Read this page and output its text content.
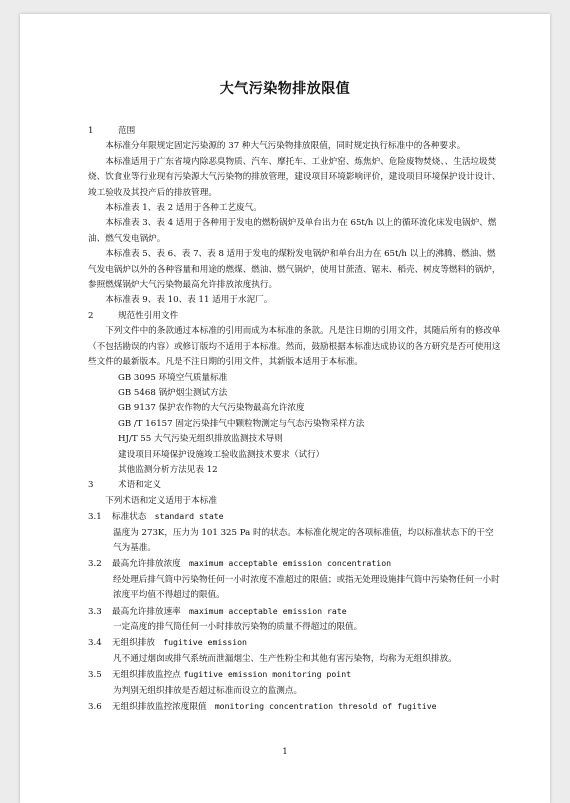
大气污染物排放限值

1	范围

本标准分年限规定固定污染源的 37 种大气污染物排放限值，同时规定执行标准中的各种要求。

本标准适用于广东省境内除恶臭物质、汽车、摩托车、工业炉窑、炼焦炉、危险废物焚烧、、生活垃圾焚烧、饮食业等行业现有污染源大气污染物的排放管理，建设项目环境影响评价，建设项目环境保护设计设计、竣工验收及其投产后的排放管理。

本标准表 1、表 2 适用于各种工艺废气。

本标准表 3、表 4 适用于各种用于发电的燃粉锅炉及单台出力在 65t/h 以上的循环流化床发电锅炉、燃油、燃气发电锅炉。

本标准表 5、表 6、表 7、表 8 适用于发电的煤粉发电锅炉和单台出力在 65t/h 以上的沸腾、燃油、燃气发电锅炉以外的各种容量和用途的燃煤、燃油、燃气锅炉，使用甘蔗渣、锯末、稻壳、树皮等燃料的锅炉，参照燃煤锅炉大气污染物最高允许排放浓度执行。

本标准表 9、表 10、表 11 适用于水泥厂。

2	规范性引用文件

下列文件中的条款通过本标准的引用而成为本标准的条款。凡是注日期的引用文件，其随后所有的修改单（不包括勘误的内容）或修订版均不适用于本标准。然而，鼓励根据本标准达成协议的各方研究是否可使用这些文件的最新版本。凡是不注日期的引用文件，其新版本适用于本标准。

GB 3095 环境空气质量标准

GB 5468 锅炉烟尘测试方法

GB 9137 保护农作物的大气污染物最高允许浓度

GB /T 16157 固定污染排气中颗粒物测定与气态污染物采样方法

HJ/T 55 大气污染无组织排放监测技术导则

建设项目环境保护设施竣工验收监测技术要求（试行）

其他监测分析方法见表 12

3	术语和定义

下列术语和定义适用于本标准

3.1 标准状态 standard state

温度为 273K，压力为 101 325 Pa 时的状态。本标准化规定的各项标准值，均以标准状态下的干空气为基准。

3.2 最高允许排放浓度 maximum acceptable emission concentration

经处理后排气筒中污染物任何一小时浓度不准超过的限值；或指无处理设施排气筒中污染物任何一小时浓度平均值不得超过的限值。

3.3 最高允许排放速率 maximum acceptable emission rate

一定高度的排气筒任何一小时排放污染物的质量不得超过的限值。

3.4 无组织排放 fugitive emission

凡不通过烟囱或排气系统而泄漏烟尘、生产性粉尘和其他有害污染物，均称为无组织排放。

3.5 无组织排放监控点 fugitive emission monitoring point

为判别无组织排放是否超过标准而设立的监测点。

3.6 无组织排放监控浓度限值 monitoring concentration thresold of fugitive

1
